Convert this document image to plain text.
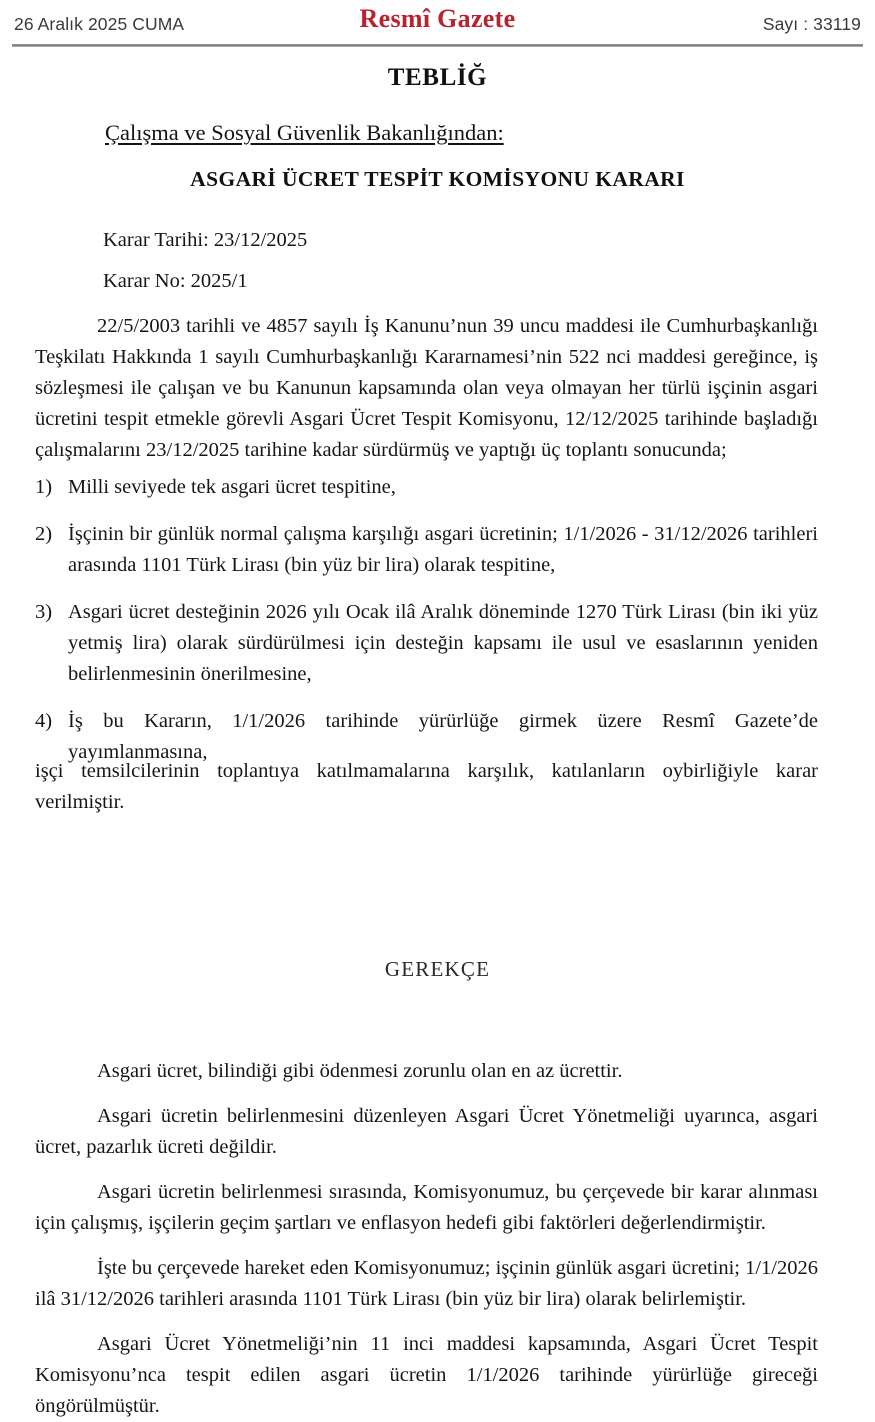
26 Aralık 2025 CUMA	Sayı : 33119
Resmî Gazete
TEBLİĞ
Çalışma ve Sosyal Güvenlik Bakanlığından:
ASGARİ ÜCRET TESPİT KOMİSYONU KARARI
Karar Tarihi: 23/12/2025
Karar No: 2025/1

22/5/2003 tarihli ve 4857 sayılı İş Kanunu’nun 39 uncu maddesi ile Cumhurbaşkanlığı Teşkilatı Hakkında 1 sayılı Cumhurbaşkanlığı Kararnamesi’nin 522 nci maddesi gereğince, iş sözleşmesi ile çalışan ve bu Kanunun kapsamında olan veya olmayan her türlü işçinin asgari ücretini tespit etmekle görevli Asgari Ücret Tespit Komisyonu, 12/12/2025 tarihinde başladığı çalışmalarını 23/12/2025 tarihine kadar sürdürmüş ve yaptığı üç toplantı sonucunda;

1) Milli seviyede tek asgari ücret tespitine,
2) İşçinin bir günlük normal çalışma karşılığı asgari ücretinin; 1/1/2026 - 31/12/2026 tarihleri arasında 1101 Türk Lirası (bin yüz bir lira) olarak tespitine,
3) Asgari ücret desteğinin 2026 yılı Ocak ilâ Aralık döneminde 1270 Türk Lirası (bin iki yüz yetmiş lira) olarak sürdürülmesi için desteğin kapsamı ile usul ve esaslarının yeniden belirlenmesinin önerilmesine,
4) İş bu Kararın, 1/1/2026 tarihinde yürürlüğe girmek üzere Resmî Gazete’de yayımlanmasına,

işçi temsilcilerinin toplantıya katılmamalarına karşılık, katılanların oybirliğiyle karar verilmiştir.

GEREKÇE

Asgari ücret, bilindiği gibi ödenmesi zorunlu olan en az ücrettir.

Asgari ücretin belirlenmesini düzenleyen Asgari Ücret Yönetmeliği uyarınca, asgari ücret, pazarlık ücreti değildir.

Asgari ücretin belirlenmesi sırasında, Komisyonumuz, bu çerçevede bir karar alınması için çalışmış, işçilerin geçim şartları ve enflasyon hedefi gibi faktörleri değerlendirmiştir.

İşte bu çerçevede hareket eden Komisyonumuz; işçinin günlük asgari ücretini; 1/1/2026 ilâ 31/12/2026 tarihleri arasında 1101 Türk Lirası (bin yüz bir lira) olarak belirlemiştir.

Asgari Ücret Yönetmeliği’nin 11 inci maddesi kapsamında, Asgari Ücret Tespit Komisyonu’nca tespit edilen asgari ücretin 1/1/2026 tarihinde yürürlüğe gireceği öngörülmüştür.
